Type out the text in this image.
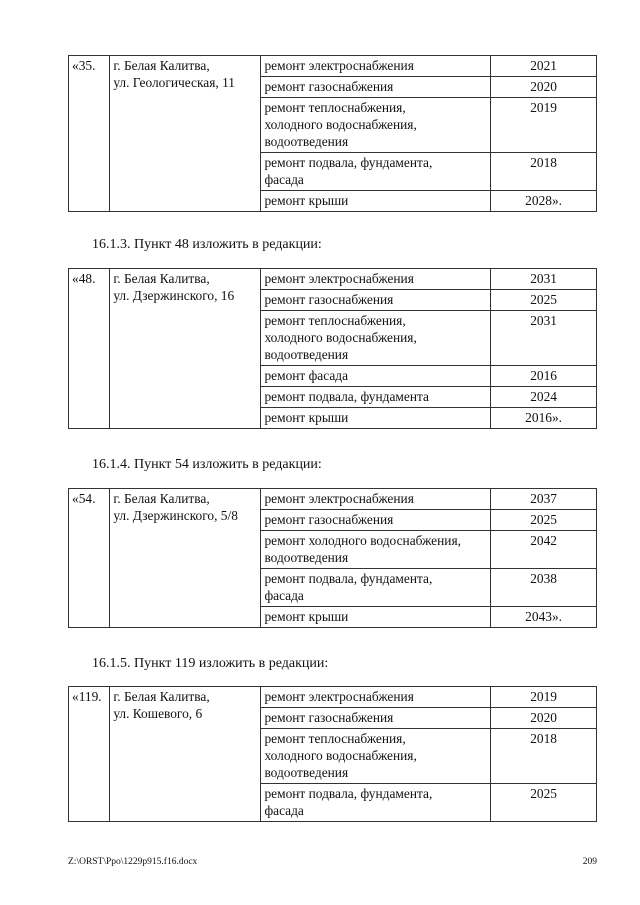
«35.	г. Белая Калитва,
ул. Геологическая, 11	ремонт электроснабжения	2021

		ремонт газоснабжения	2020

		ремонт теплоснабжения,
холодного водоснабжения,
водоотведения	2019

		ремонт подвала, фундамента,
фасада	2018

		ремонт крыши	2028».
«48.	г. Белая Калитва,
ул. Дзержинского, 16	ремонт электроснабжения	2031

		ремонт газоснабжения	2025

		ремонт теплоснабжения,
холодного водоснабжения,
водоотведения	2031

		ремонт фасада	2016

		ремонт подвала, фундамента	2024

		ремонт крыши	2016».
«54.	г. Белая Калитва,
ул. Дзержинского, 5/8	ремонт электроснабжения	2037

		ремонт газоснабжения	2025

		ремонт холодного водоснабжения,
водоотведения	2042

		ремонт подвала, фундамента,
фасада	2038

		ремонт крыши	2043».
«119.	г. Белая Калитва,
ул. Кошевого, 6	ремонт электроснабжения	2019

		ремонт газоснабжения	2020

		ремонт теплоснабжения,
холодного водоснабжения,
водоотведения	2018

		ремонт подвала, фундамента,
фасада	2025
16.1.3. Пункт 48 изложить в редакции:
16.1.4. Пункт 54 изложить в редакции:
16.1.5. Пункт 119 изложить в редакции:
Z:\ORST\Ppo\1229p915.f16.docx	209
